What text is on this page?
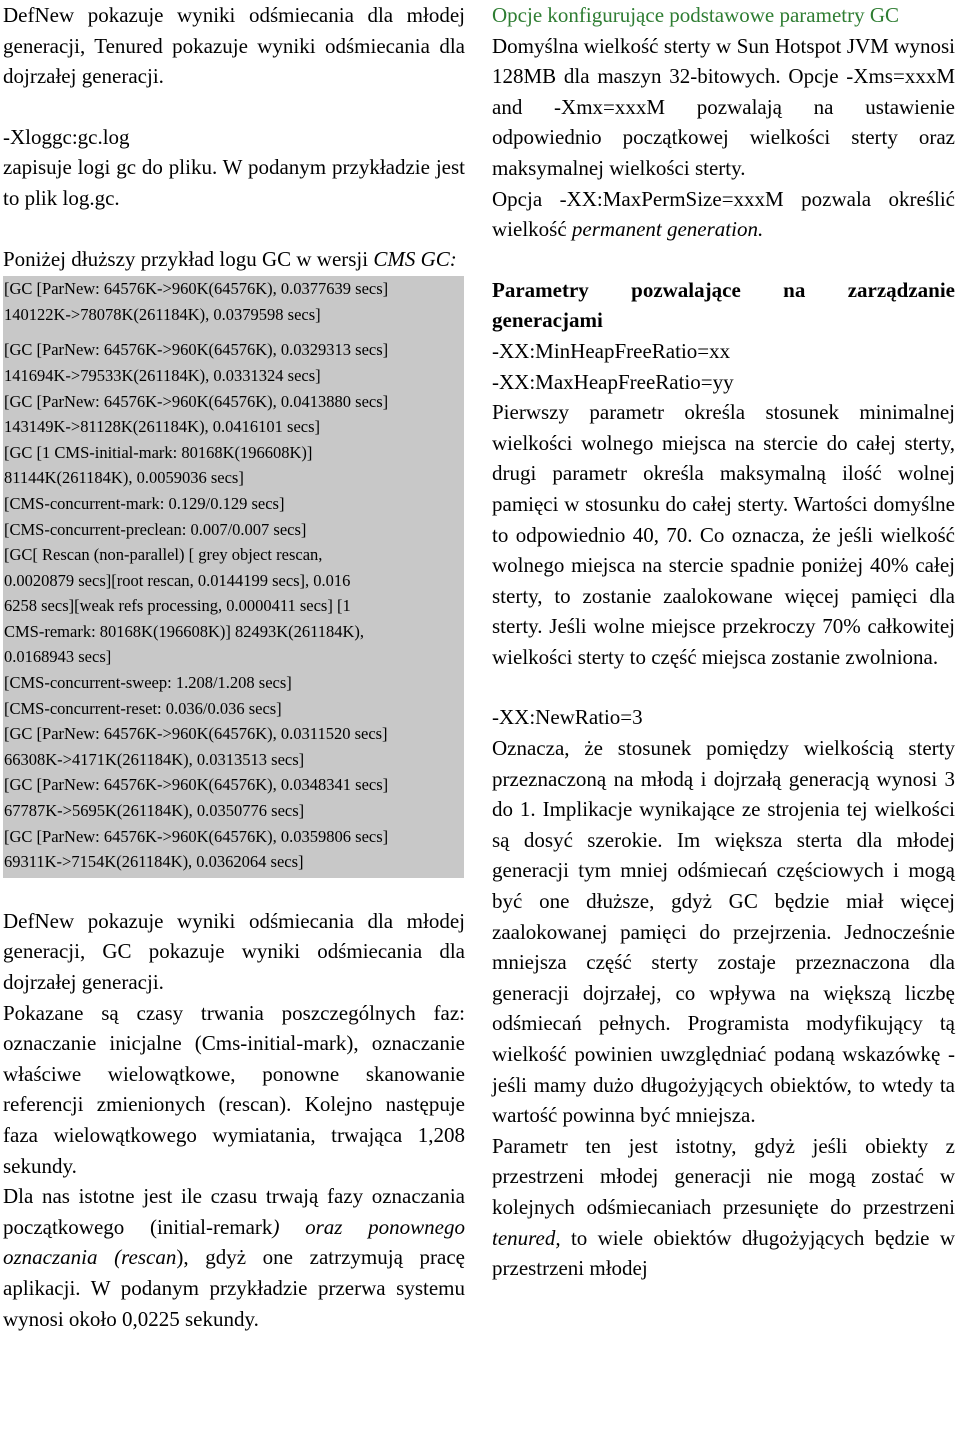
DefNew pokazuje wyniki odśmiecania dla młodej generacji, Tenured pokazuje wyniki odśmiecania dla dojrzałej generacji.

-Xloggc:gc.log

zapisuje logi gc do pliku. W podanym przykładzie jest to plik log.gc.

Poniżej dłuższy przykład logu GC w wersji CMS GC:

[GC [ParNew: 64576K->960K(64576K), 0.0377639 secs]
140122K->78078K(261184K), 0.0379598 secs]
[GC [ParNew: 64576K->960K(64576K), 0.0329313 secs]
141694K->79533K(261184K), 0.0331324 secs]
[GC [ParNew: 64576K->960K(64576K), 0.0413880 secs]
143149K->81128K(261184K), 0.0416101 secs]
[GC [1 CMS-initial-mark: 80168K(196608K)]
81144K(261184K), 0.0059036 secs]
[CMS-concurrent-mark: 0.129/0.129 secs]
[CMS-concurrent-preclean: 0.007/0.007 secs]
[GC[ Rescan (non-parallel) [ grey object rescan,
0.0020879 secs][root rescan, 0.0144199 secs], 0.016
6258 secs][weak refs processing, 0.0000411 secs] [1
CMS-remark: 80168K(196608K)] 82493K(261184K),
0.0168943 secs]
[CMS-concurrent-sweep: 1.208/1.208 secs]
[CMS-concurrent-reset: 0.036/0.036 secs]
[GC [ParNew: 64576K->960K(64576K), 0.0311520 secs]
66308K->4171K(261184K), 0.0313513 secs]
[GC [ParNew: 64576K->960K(64576K), 0.0348341 secs]
67787K->5695K(261184K), 0.0350776 secs]
[GC [ParNew: 64576K->960K(64576K), 0.0359806 secs]
69311K->7154K(261184K), 0.0362064 secs]

DefNew pokazuje wyniki odśmiecania dla młodej generacji, GC pokazuje wyniki odśmiecania dla dojrzałej generacji.

Pokazane są czasy trwania poszczególnych faz: oznaczanie inicjalne (Cms-initial-mark), oznaczanie właściwe wielowątkowe, ponowne skanowanie referencji zmienionych (rescan). Kolejno następuje faza wielowątkowego wymiatania, trwająca 1,208 sekundy.

Dla nas istotne jest ile czasu trwają fazy oznaczania początkowego (initial-remark) oraz ponownego oznaczania (rescan), gdyż one zatrzymują pracę aplikacji. W podanym przykładzie przerwa systemu wynosi około 0,0225 sekundy.

Opcje konfigurujące podstawowe parametry GC

Domyślna wielkość sterty w Sun Hotspot JVM wynosi 128MB dla maszyn 32-bitowych. Opcje -Xms=xxxM and -Xmx=xxxM pozwalają na ustawienie odpowiednio początkowej wielkości sterty oraz maksymalnej wielkości sterty.

Opcja -XX:MaxPermSize=xxxM pozwala określić wielkość permanent generation.

Parametry pozwalające na zarządzanie generacjami

-XX:MinHeapFreeRatio=xx

-XX:MaxHeapFreeRatio=yy

Pierwszy parametr określa stosunek minimalnej wielkości wolnego miejsca na stercie do całej sterty, drugi parametr określa maksymalną ilość wolnej pamięci w stosunku do całej sterty. Wartości domyślne to odpowiednio 40, 70. Co oznacza, że jeśli wielkość wolnego miejsca na stercie spadnie poniżej 40% całej sterty, to zostanie zaalokowane więcej pamięci dla sterty. Jeśli wolne miejsce przekroczy 70% całkowitej wielkości sterty to część miejsca zostanie zwolniona.

-XX:NewRatio=3

Oznacza, że stosunek pomiędzy wielkością sterty przeznaczoną na młodą i dojrzałą generacją wynosi 3 do 1. Implikacje wynikające ze strojenia tej wielkości są dosyć szerokie. Im większa sterta dla młodej generacji tym mniej odśmiecań częściowych i mogą być one dłuższe, gdyż GC będzie miał więcej zaalokowanej pamięci do przejrzenia. Jednocześnie mniejsza część sterty zostaje przeznaczona dla generacji dojrzałej, co wpływa na większą liczbę odśmiecań pełnych. Programista modyfikujący tą wielkość powinien uwzględniać podaną wskazówkę - jeśli mamy dużo długożyjących obiektów, to wtedy ta wartość powinna być mniejsza.

Parametr ten jest istotny, gdyż jeśli obiekty z przestrzeni młodej generacji nie mogą zostać w kolejnych odśmiecaniach przesunięte do przestrzeni tenured, to wiele obiektów długożyjących będzie w przestrzeni młodej
